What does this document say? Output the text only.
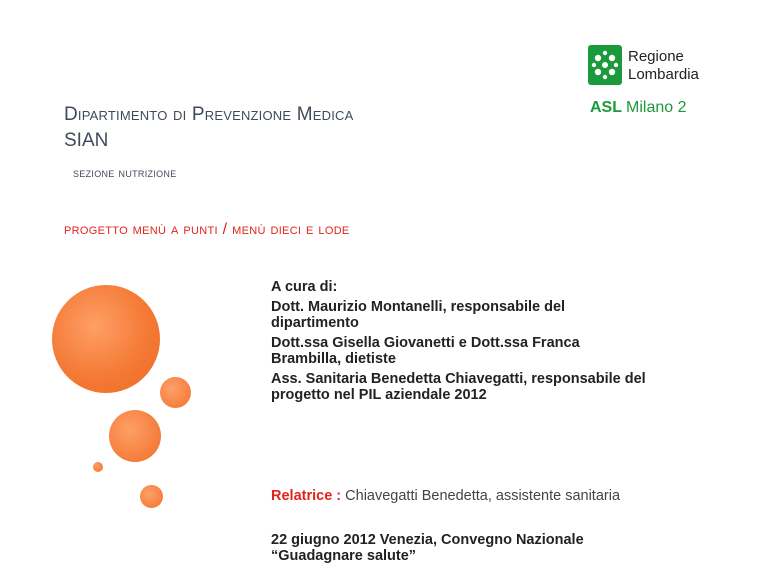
Dipartimento di Prevenzione Medica
SIAN
sezione nutrizione
progetto menù a punti / menù dieci e lode
Regione
Lombardia
ASL Milano 2
A cura di:
Dott. Maurizio Montanelli, responsabile del
dipartimento
Dott.ssa Gisella Giovanetti e Dott.ssa Franca
Brambilla, dietiste
Ass. Sanitaria Benedetta Chiavegatti, responsabile del
progetto nel PIL aziendale 2012
Relatrice : Chiavegatti Benedetta, assistente sanitaria
22 giugno 2012 Venezia, Convegno Nazionale
“Guadagnare salute”
